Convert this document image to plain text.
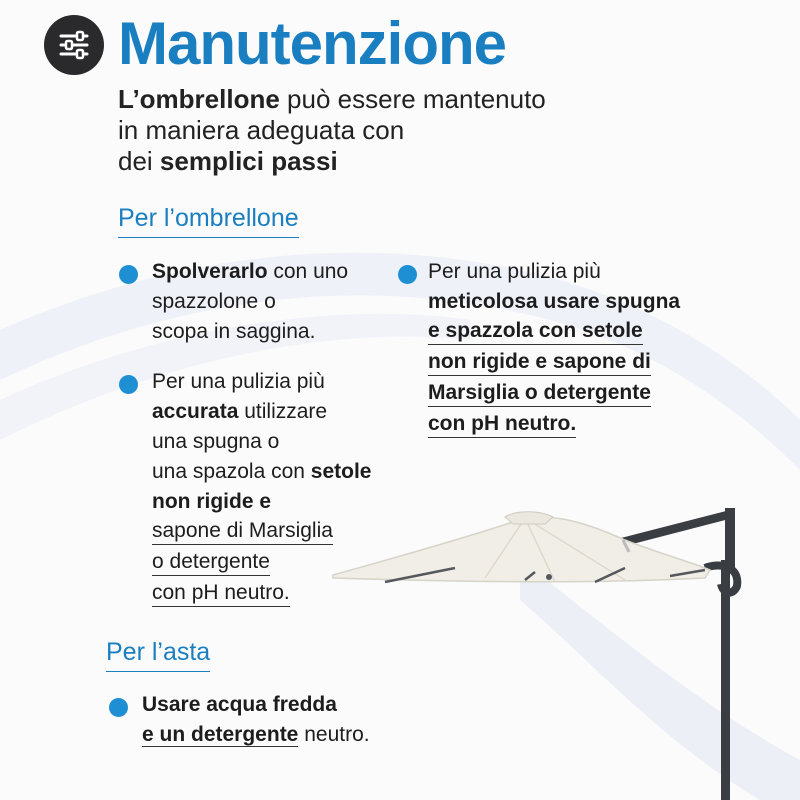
Manutenzione
L’ombrellone può essere mantenuto
in maniera adeguata con
dei semplici passi
Per l’ombrellone
Spolverarlo con uno
spazzolone o
scopa in saggina.
Per una pulizia più
accurata utilizzare
una spugna o
una spazola con setole
non rigide e
sapone di Marsiglia
o detergente
con pH neutro.
Per una pulizia più
meticolosa usare spugna
e spazzola con setole
non rigide e sapone di
Marsiglia o detergente
con pH neutro.
Per l’asta
Usare acqua fredda
e un detergente neutro.
